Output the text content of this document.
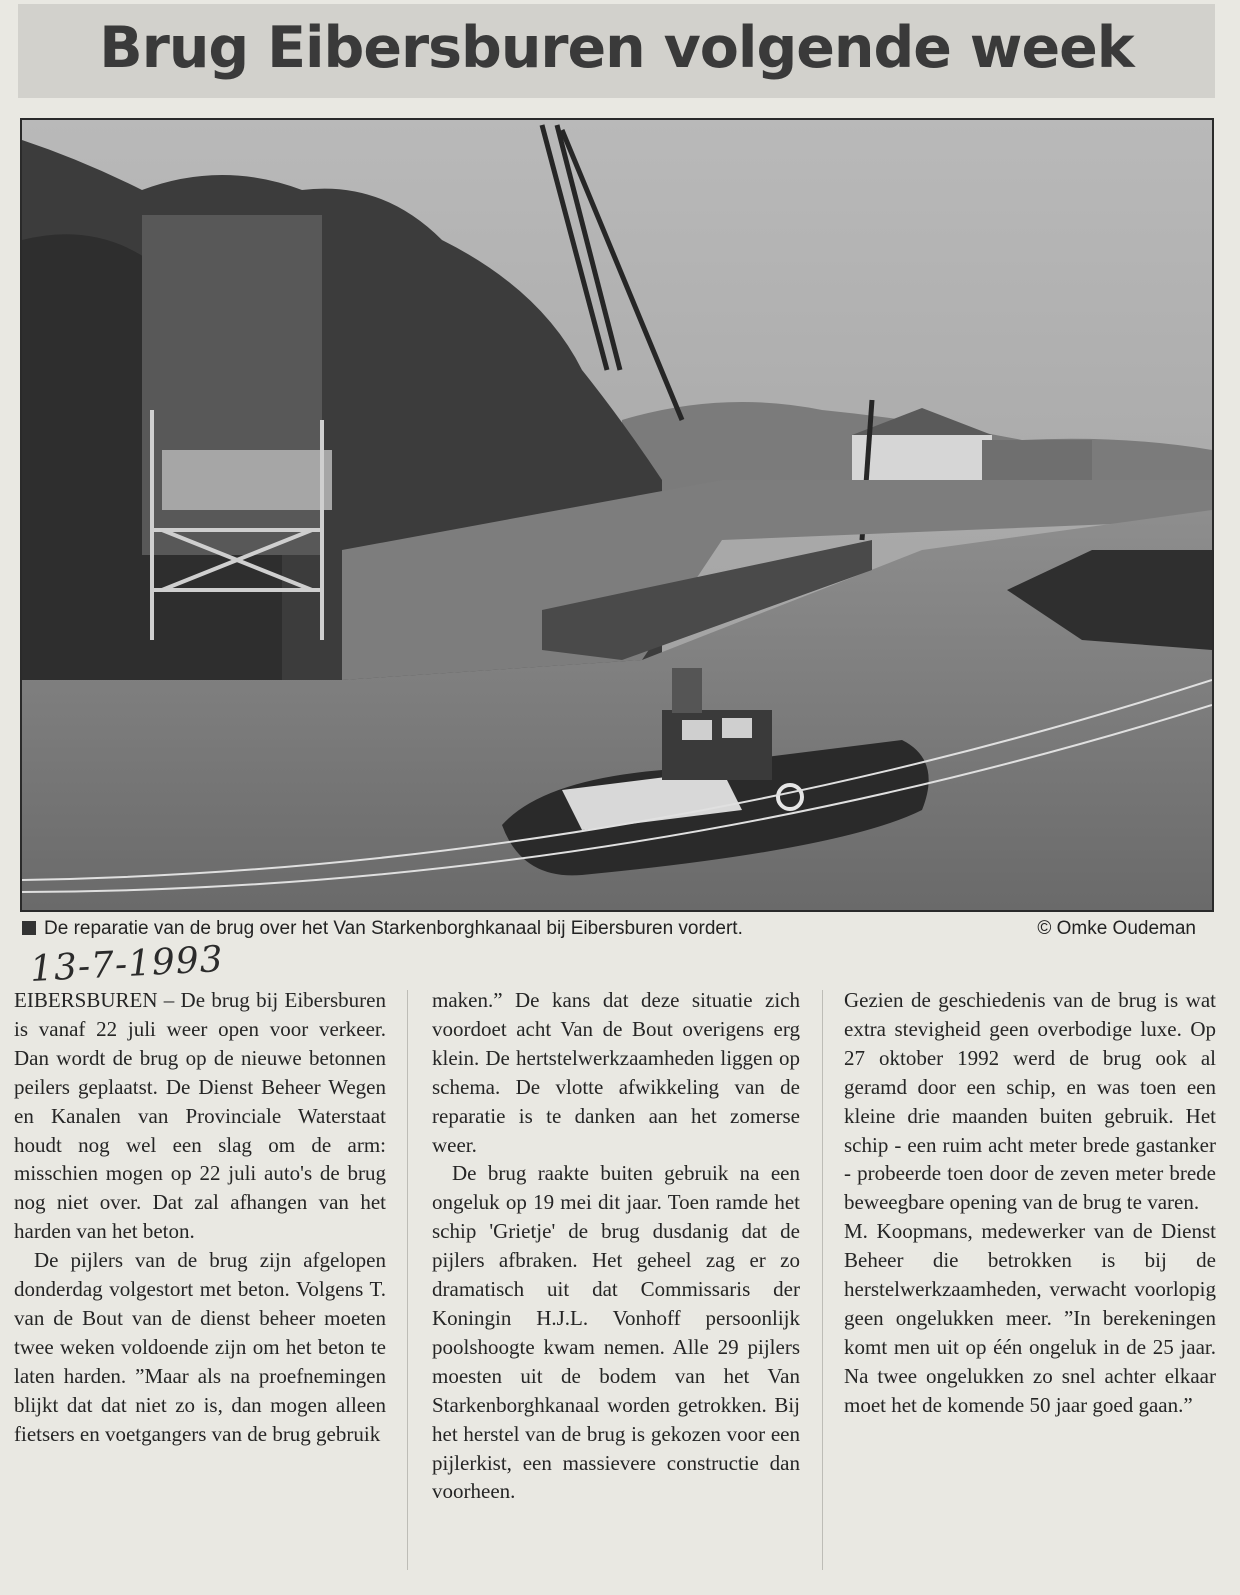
Brug Eibersburen volgende week
De reparatie van de brug over het Van Starkenborghkanaal bij Eibersburen vordert.	© Omke Oudeman
13-7-1993

EIBERSBUREN – De brug bij Eibersburen is vanaf 22 juli weer open voor verkeer. Dan wordt de brug op de nieuwe betonnen peilers geplaatst. De Dienst Beheer Wegen en Kanalen van Provinciale Waterstaat houdt nog wel een slag om de arm: misschien mogen op 22 juli auto's de brug nog niet over. Dat zal afhangen van het harden van het beton.

De pijlers van de brug zijn afgelopen donderdag volgestort met beton. Volgens T. van de Bout van de dienst beheer moeten twee weken voldoende zijn om het beton te laten harden. ”Maar als na proefnemingen blijkt dat dat niet zo is, dan mogen alleen fietsers en voetgangers van de brug gebruik

maken.” De kans dat deze situatie zich voordoet acht Van de Bout overigens erg klein. De hertstelwerkzaamheden liggen op schema. De vlotte afwikkeling van de reparatie is te danken aan het zomerse weer.

De brug raakte buiten gebruik na een ongeluk op 19 mei dit jaar. Toen ramde het schip 'Grietje' de brug dusdanig dat de pijlers afbraken. Het geheel zag er zo dramatisch uit dat Commissaris der Koningin H.J.L. Vonhoff persoonlijk poolshoogte kwam nemen. Alle 29 pijlers moesten uit de bodem van het Van Starkenborghkanaal worden getrokken. Bij het herstel van de brug is gekozen voor een pijlerkist, een massievere constructie dan voorheen.

Gezien de geschiedenis van de brug is wat extra stevigheid geen overbodige luxe. Op 27 oktober 1992 werd de brug ook al geramd door een schip, en was toen een kleine drie maanden buiten gebruik. Het schip - een ruim acht meter brede gastanker - probeerde toen door de zeven meter brede beweegbare opening van de brug te varen.

M. Koopmans, medewerker van de Dienst Beheer die betrokken is bij de herstelwerkzaamheden, verwacht voorlopig geen ongelukken meer. ”In berekeningen komt men uit op één ongeluk in de 25 jaar. Na twee ongelukken zo snel achter elkaar moet het de komende 50 jaar goed gaan.”
